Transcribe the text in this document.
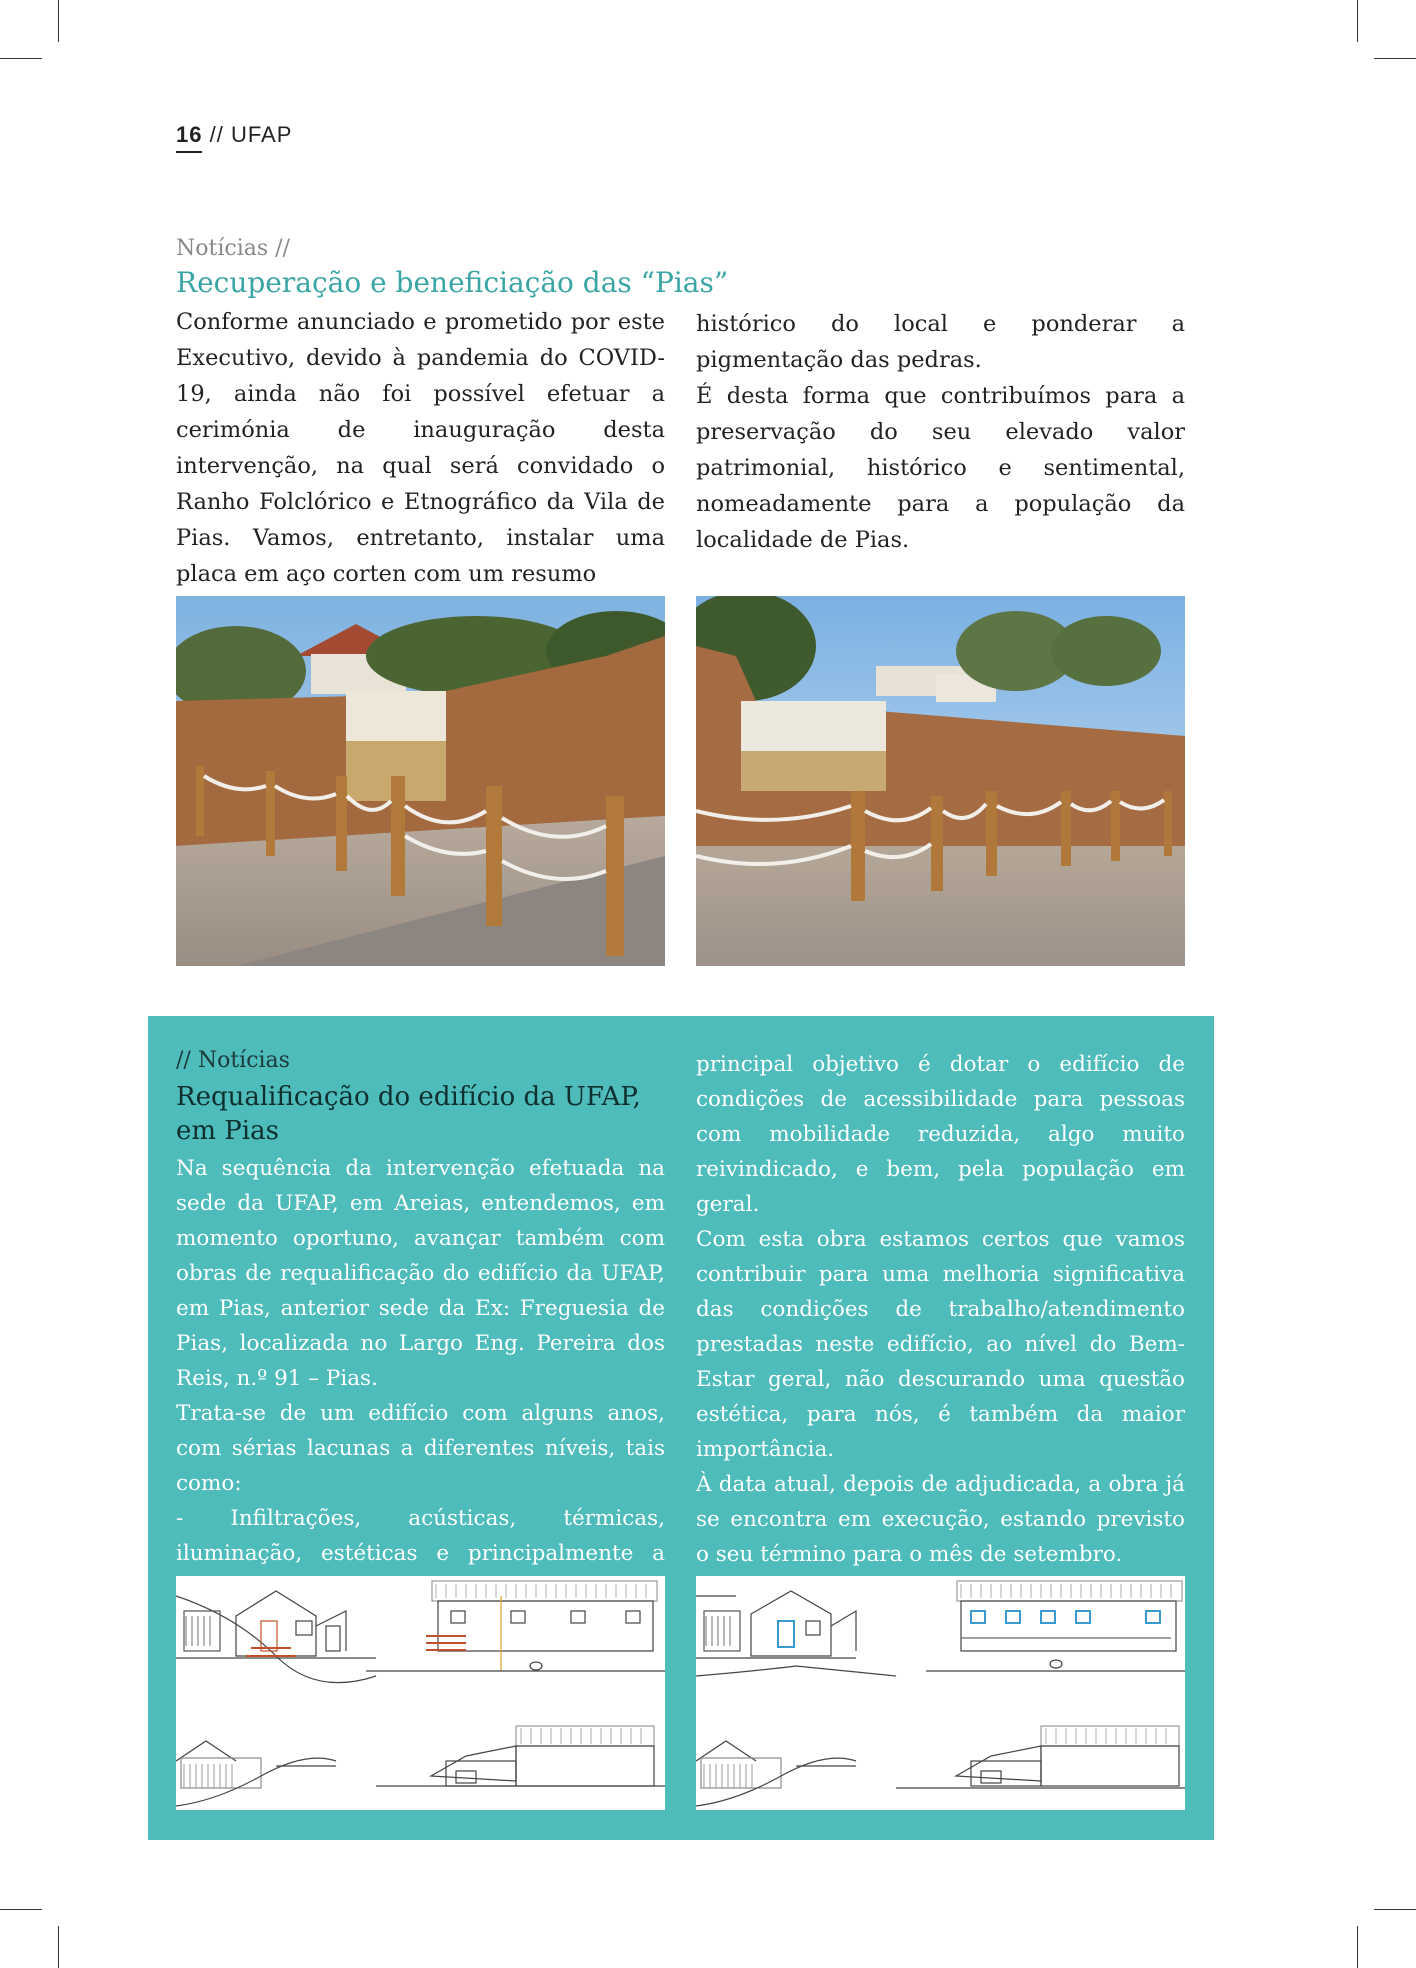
16 // UFAP
Notícias //
Recuperação e beneficiação das “Pias”

Conforme anunciado e prometido por este Executivo, devido à pandemia do COVID-19, ainda não foi possível efetuar a cerimónia de inauguração desta intervenção, na qual será convidado o Ranho Folclórico e Etnográfico da Vila de Pias. Vamos, entretanto, instalar uma placa em aço corten com um resumo

histórico do local e ponderar a pigmentação das pedras.

É desta forma que contribuímos para a preservação do seu elevado valor patrimonial, histórico e sentimental, nomeadamente para a população da localidade de Pias.

// Notícias
Requalificação do edifício da UFAP,
em Pias

Na sequência da intervenção efetuada na sede da UFAP, em Areias, entendemos, em momento oportuno, avançar também com obras de requalificação do edifício da UFAP, em Pias, anterior sede da Ex: Freguesia de Pias, localizada no Largo Eng. Pereira dos Reis, n.º 91 – Pias.

Trata-se de um edifício com alguns anos, com sérias lacunas a diferentes níveis, tais como:

- Infiltrações, acústicas, térmicas, iluminação, estéticas e principalmente a

principal objetivo é dotar o edifício de condições de acessibilidade para pessoas com mobilidade reduzida, algo muito reivindicado, e bem, pela população em geral.

Com esta obra estamos certos que vamos contribuir para uma melhoria significativa das condições de trabalho/atendimento prestadas neste edifício, ao nível do Bem-Estar geral, não descurando uma questão estética, para nós, é também da maior importância.

À data atual, depois de adjudicada, a obra já se encontra em execução, estando previsto o seu término para o mês de setembro.
